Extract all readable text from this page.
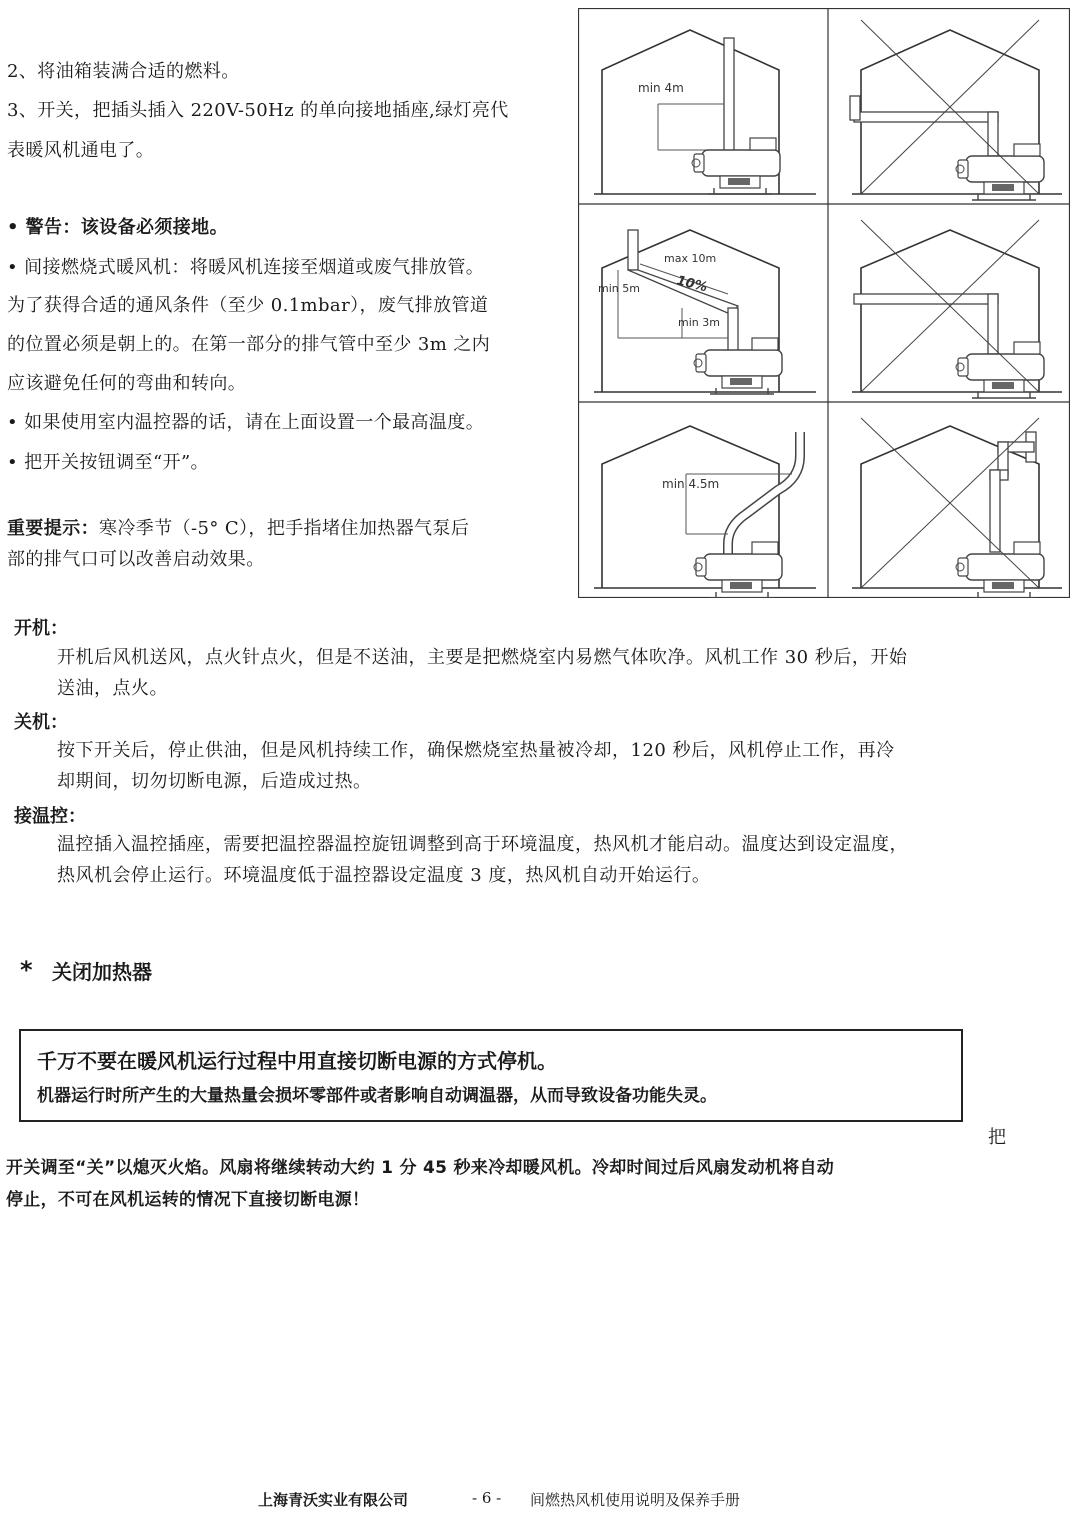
2、将油箱装满合适的燃料。
3、开关，把插头插入 220V-50Hz 的单向接地插座,绿灯亮代
表暖风机通电了。
• 警告：该设备必须接地。
• 间接燃烧式暖风机：将暖风机连接至烟道或废气排放管。
为了获得合适的通风条件（至少 0.1mbar），废气排放管道
的位置必须是朝上的。在第一部分的排气管中至少 3m 之内
应该避免任何的弯曲和转向。
• 如果使用室内温控器的话，请在上面设置一个最高温度。
• 把开关按钮调至“开”。
重要提示：寒冷季节（-5° C），把手指堵住加热器气泵后
部的排气口可以改善启动效果。
min 4m
max 10m
10%
min 5m
min 3m
min 4.5m
开机：
开机后风机送风，点火针点火，但是不送油，主要是把燃烧室内易燃气体吹净。风机工作 30 秒后，开始
送油，点火。
关机：
按下开关后，停止供油，但是风机持续工作，确保燃烧室热量被冷却，120 秒后，风机停止工作，再冷
却期间，切勿切断电源，后造成过热。
接温控：
温控插入温控插座，需要把温控器温控旋钮调整到高于环境温度，热风机才能启动。温度达到设定温度，
热风机会停止运行。环境温度低于温控器设定温度 3 度，热风机自动开始运行。
* 关闭加热器
千万不要在暖风机运行过程中用直接切断电源的方式停机。
机器运行时所产生的大量热量会损坏零部件或者影响自动调温器，从而导致设备功能失灵。
把
开关调至“关”以熄灭火焰。风扇将继续转动大约 1 分 45 秒来冷却暖风机。冷却时间过后风扇发动机将自动
停止，不可在风机运转的情况下直接切断电源！
上海青沃实业有限公司	- 6 - 间燃热风机使用说明及保养手册
